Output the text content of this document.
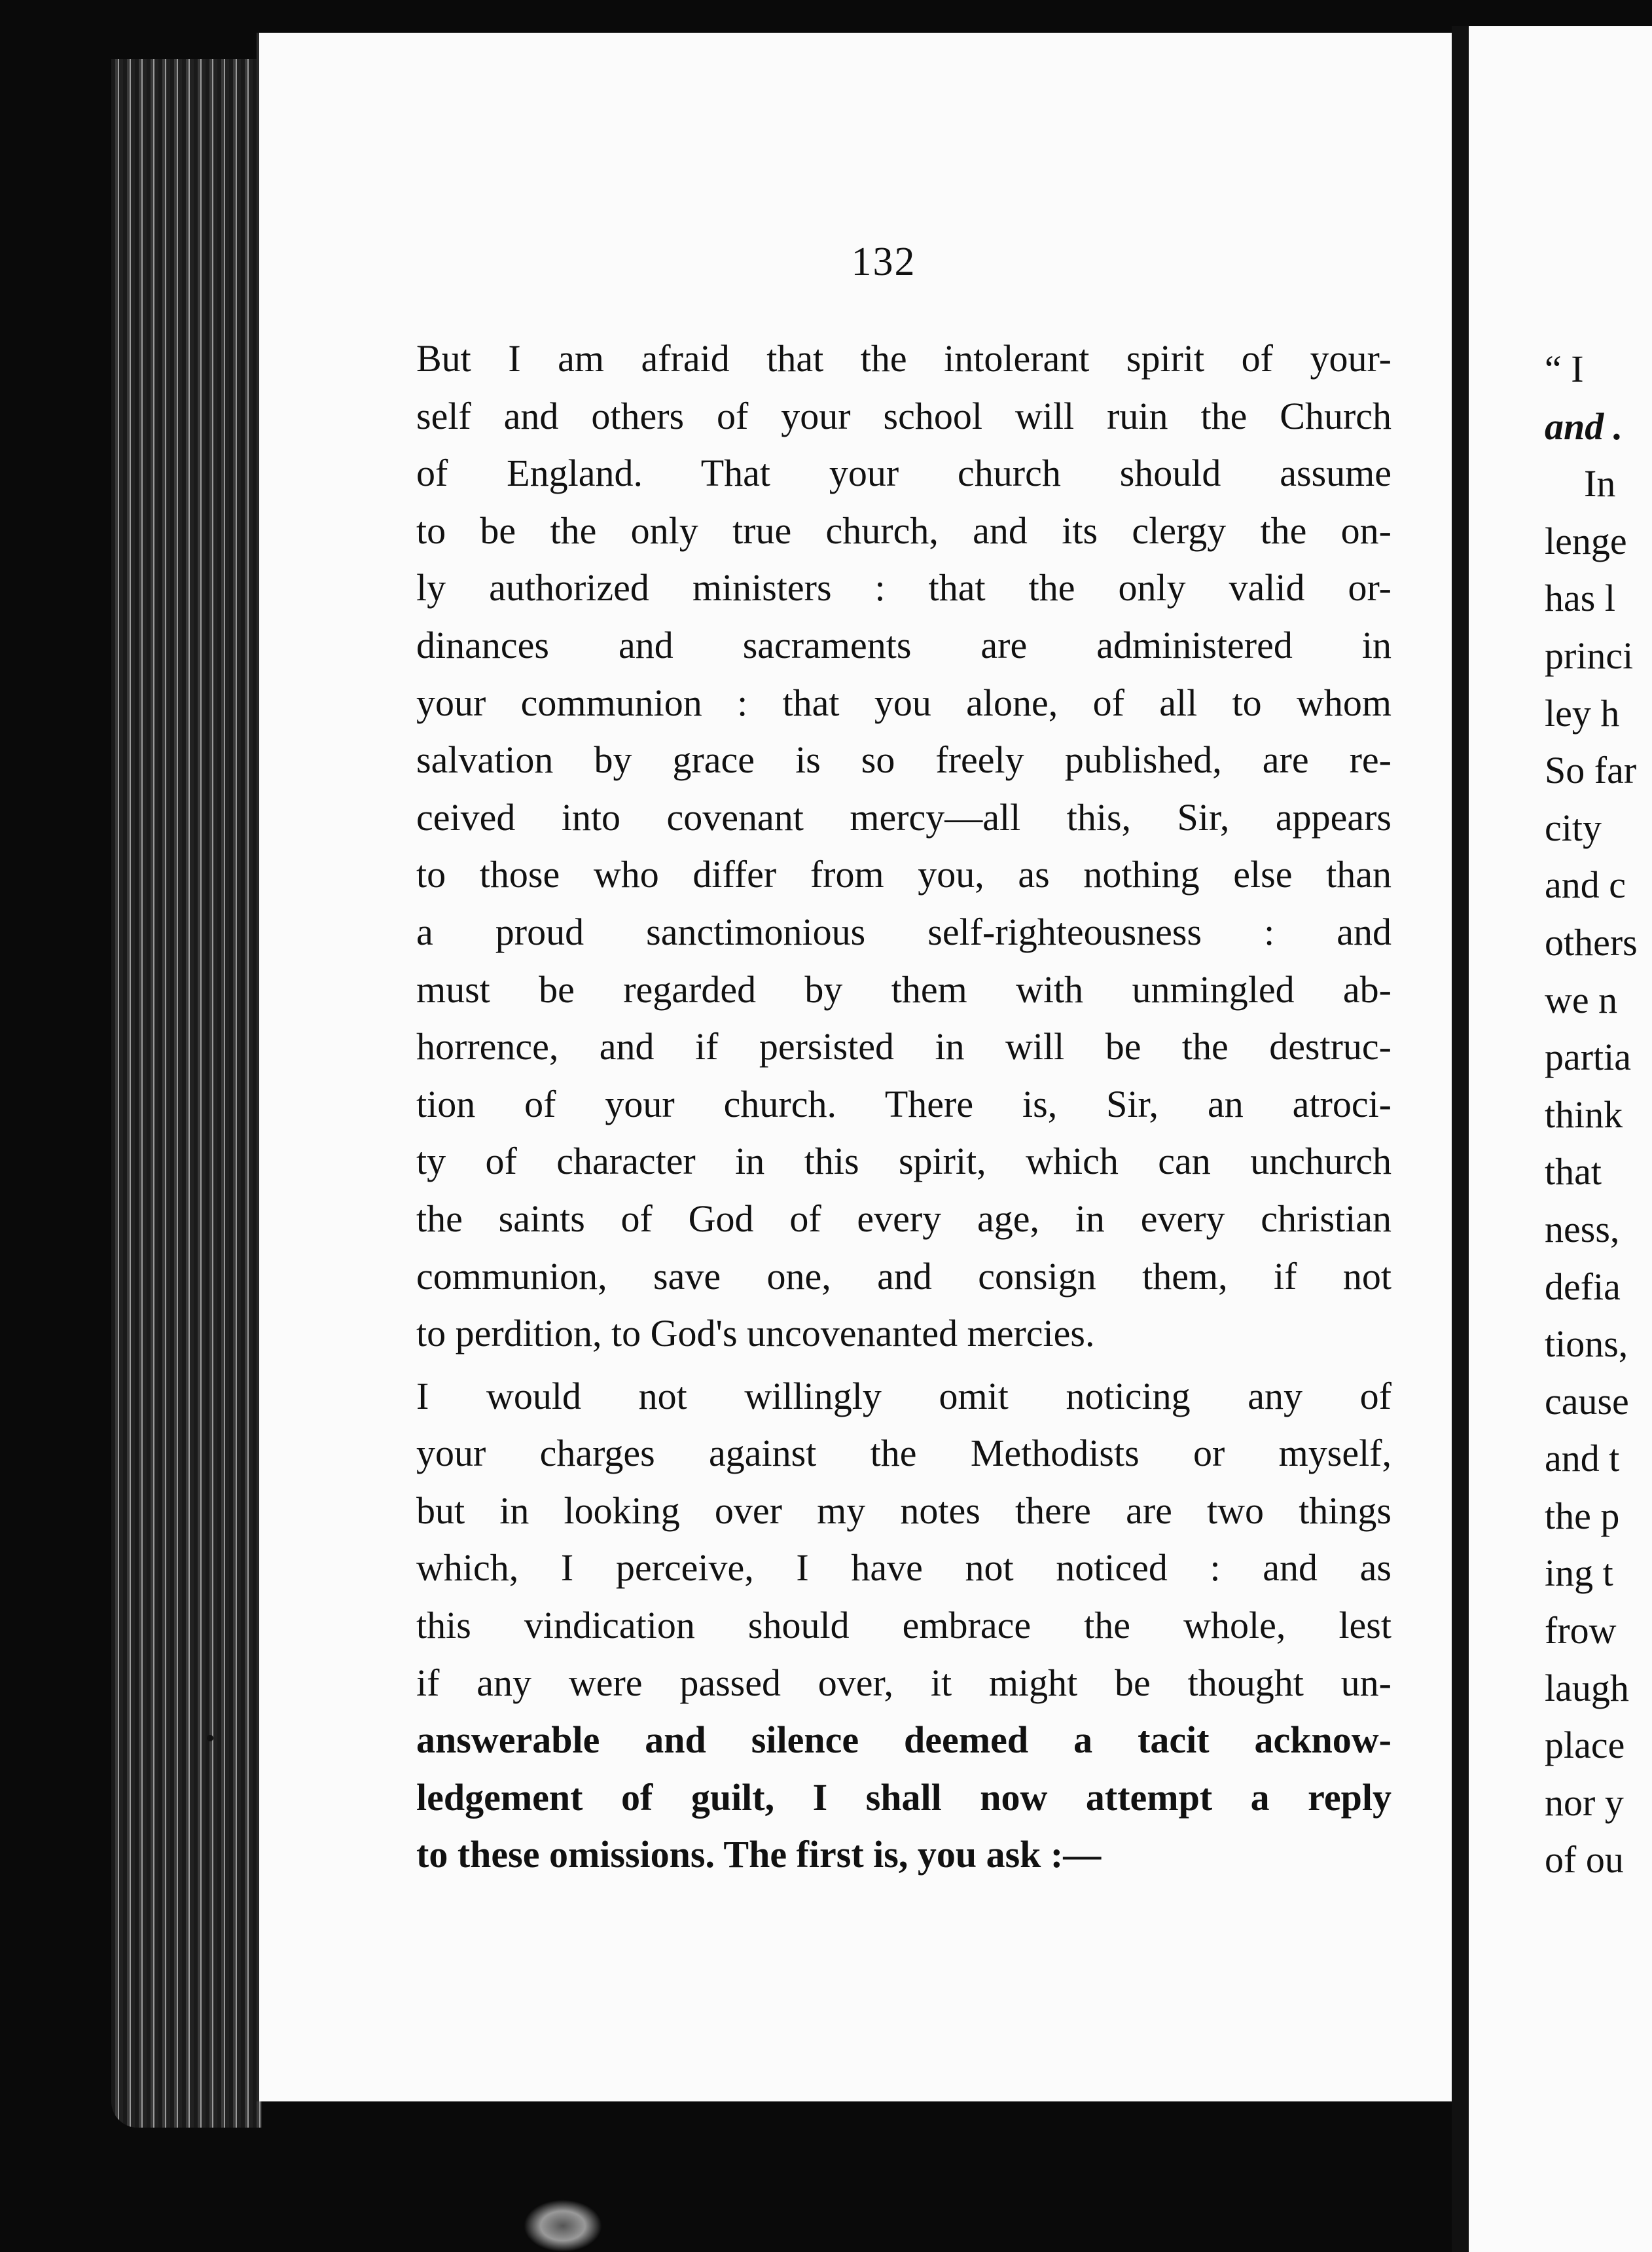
132
But I am afraid that the intolerant spirit of your-
self and others of your school will ruin the Church
of England. That your church should assume
to be the only true church, and its clergy the on-
ly authorized ministers : that the only valid or-
dinances and sacraments are administered in
your communion : that you alone, of all to whom
salvation by grace is so freely published, are re-
ceived into covenant mercy—all this, Sir, appears
to those who differ from you, as nothing else than
a proud sanctimonious self-righteousness : and
must be regarded by them with unmingled ab-
horrence, and if persisted in will be the destruc-
tion of your church. There is, Sir, an atroci-
ty of character in this spirit, which can unchurch
the saints of God of every age, in every christian
communion, save one, and consign them, if not
to perdition, to God's uncovenanted mercies.
I would not willingly omit noticing any of
your charges against the Methodists or myself,
but in looking over my notes there are two things
which, I perceive, I have not noticed : and as
this vindication should embrace the whole, lest
if any were passed over, it might be thought un-
answerable and silence deemed a tacit acknow-
ledgement of guilt, I shall now attempt a reply
to these omissions. The first is, you ask :—
“ I
and .
In
lenge
has l
princi
ley h
So far
city
and c
others
we n
partia
think
that
ness,
defia
tions,
cause
and t
the p
ing t
frow
laugh
place
nor y
of ou
